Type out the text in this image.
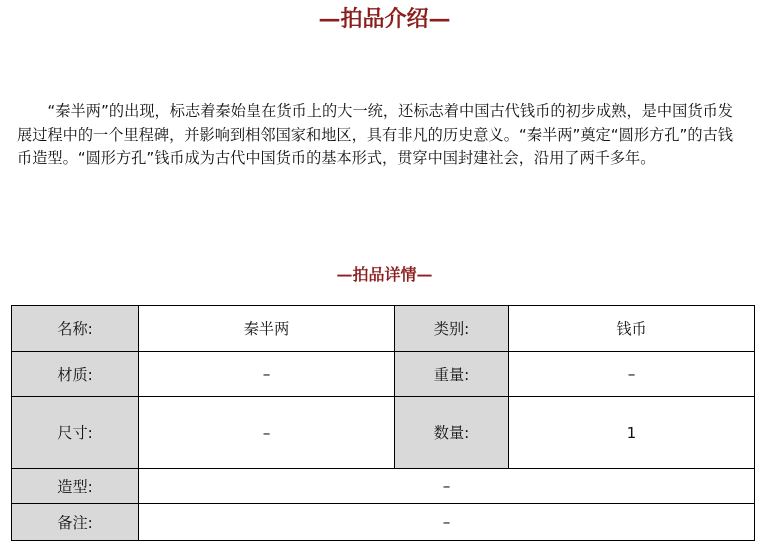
—拍品介绍—

“秦半两”的出现，标志着秦始皇在货币上的大一统，还标志着中国古代钱币的初步成熟，是中国货币发展过程中的一个里程碑，并影响到相邻国家和地区，具有非凡的历史意义。“秦半两”奠定“圆形方孔”的古钱币造型。“圆形方孔”钱币成为古代中国货币的基本形式，贯穿中国封建社会，沿用了两千多年。

—拍品详情—
名称:	秦半两	类别:	钱币
材质:	–	重量:	–
尺寸:	–	数量:	1
造型:	–		
备注:	–		
